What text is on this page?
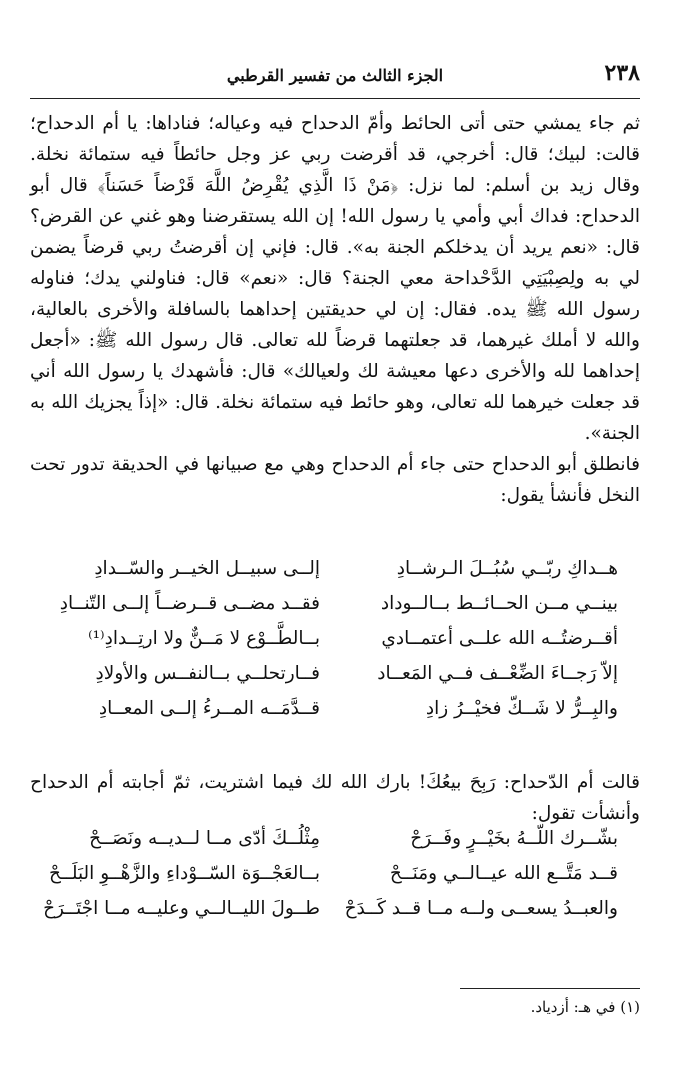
٢٣٨
الجزء الثالث من تفسير القرطبي

ثم جاء يمشي حتى أتى الحائط وأمّ الدحداح فيه وعياله؛ فناداها: يا أم الدحداح؛ قالت: لبيك؛ قال: أخرجي، قد أقرضت ربي عز وجل حائطاً فيه ستمائة نخلة. وقال زيد بن أسلم: لما نزل: ﴿مَنْ ذَا الَّذِي يُقْرِضُ اللَّهَ قَرْضاً حَسَناً﴾ قال أبو الدحداح: فداك أبي وأمي يا رسول الله! إن الله يستقرضنا وهو غني عن القرض؟ قال: «نعم يريد أن يدخلكم الجنة به». قال: فإني إن أقرضتُ ربي قرضاً يضمن لي به ولِصِبْيَتِي الدَّحْداحة معي الجنة؟ قال: «نعم» قال: فناولني يدك؛ فناوله رسول الله ﷺ يده. فقال: إن لي حديقتين إحداهما بالسافلة والأخرى بالعالية، والله لا أملك غيرهما، قد جعلتهما قرضاً لله تعالى. قال رسول الله ﷺ: «أجعل إحداهما لله والأخرى دعها معيشة لك ولعيالك» قال: فأشهدك يا رسول الله أني قد جعلت خيرهما لله تعالى، وهو حائط فيه ستمائة نخلة. قال: «إذاً يجزيك الله به الجنة».

فانطلق أبو الدحداح حتى جاء أم الدحداح وهي مع صبيانها في الحديقة تدور تحت النخل فأنشأ يقول:

هــداكِ ربّــي سُبُــلَ الـرشــادِ
إلــى سبيــل الخيــر والسّــدادِ
بينــي مــن الحــائــط بــالــوداد
فقــد مضــى قــرضــاً إلــى التّنــادِ
أقــرضتُــه الله علــى أعتمــادي
بــالطَّــوْع لا مَــنٌّ ولا ارتِــدادِ⁽¹⁾
إلاّ رَجــاءَ الضِّعْــف فــي المَعــاد
فــارتحلــي بــالنفــس والأولادِ
والبِــرُّ لا شَــكّ فخيْــرُ زادِ
قــدَّمَــه المــرءُ إلــى المعــادِ

قالت أم الدّحداح: رَبِحَ بيعُكَ! بارك الله لك فيما اشتريت، ثمّ أجابته أم الدحداح وأنشأت تقول:

بشّــرك اللّــهُ بخَيْــرٍ وفَــرَحْ
مِثْلُــكَ أدّى مــا لــديــه ونَصَــحْ
قــد مَتَّــع الله عيــالــي ومَنَــحْ
بــالعَجْــوَة السّــوْداءِ والزَّهْــوِ البَلَــحْ
والعبــدُ يسعــى ولــه مــا قــد كَــدَحْ
طــولَ الليــالــي وعليــه مــا اجْتَــرَحْ
(١) في هـ: أزدياد.
